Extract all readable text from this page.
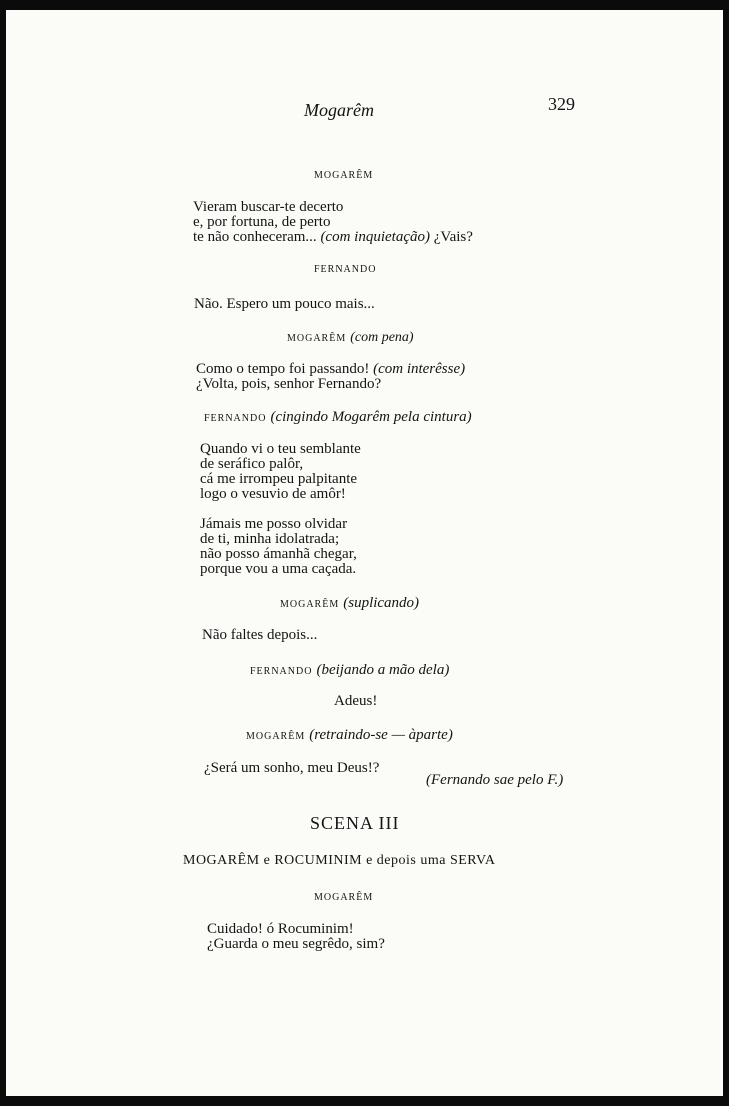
Mogarêm	329
MOGARÊM
Vieram buscar-te decerto
e, por fortuna, de perto
te não conheceram... (com inquietação) ¿Vais?
FERNANDO
Não. Espero um pouco mais...
MOGARÊM (com pena)
Como o tempo foi passando! (com interêsse)
¿Volta, pois, senhor Fernando?
FERNANDO (cingindo Mogarêm pela cintura)
Quando vi o teu semblante
de seráfico palôr,
cá me irrompeu palpitante
logo o vesuvio de amôr!
Jámais me posso olvidar
de ti, minha idolatrada;
não posso ámanhã chegar,
porque vou a uma caçada.
MOGARÊM (suplicando)
Não faltes depois...
FERNANDO (beijando a mão dela)
Adeus!
MOGARÊM (retraindo-se — àparte)
¿Será um sonho, meu Deus!?
(Fernando sae pelo F.)
SCENA III
MOGARÊM e ROCUMINIM e depois uma SERVA
MOGARÊM
Cuidado! ó Rocuminim!
¿Guarda o meu segrêdo, sim?
